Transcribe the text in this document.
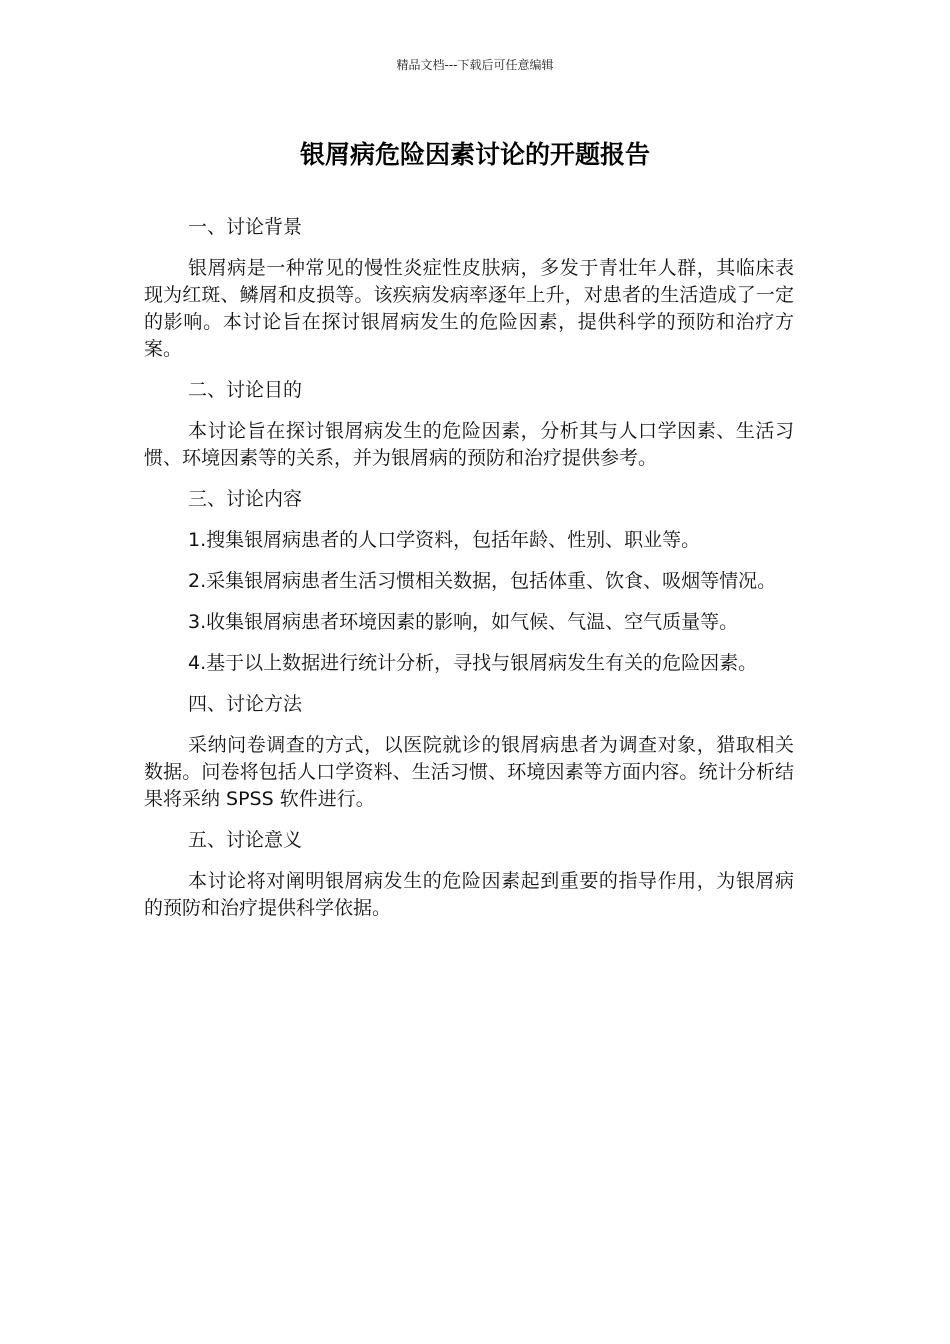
精品文档---下载后可任意编辑
银屑病危险因素讨论的开题报告

一、讨论背景

银屑病是一种常见的慢性炎症性皮肤病，多发于青壮年人群，其临床表现为红斑、鳞屑和皮损等。该疾病发病率逐年上升，对患者的生活造成了一定的影响。本讨论旨在探讨银屑病发生的危险因素，提供科学的预防和治疗方案。

二、讨论目的

本讨论旨在探讨银屑病发生的危险因素，分析其与人口学因素、生活习惯、环境因素等的关系，并为银屑病的预防和治疗提供参考。

三、讨论内容

1.搜集银屑病患者的人口学资料，包括年龄、性别、职业等。

2.采集银屑病患者生活习惯相关数据，包括体重、饮食、吸烟等情况。

3.收集银屑病患者环境因素的影响，如气候、气温、空气质量等。

4.基于以上数据进行统计分析，寻找与银屑病发生有关的危险因素。

四、讨论方法

采纳问卷调查的方式，以医院就诊的银屑病患者为调查对象，猎取相关数据。问卷将包括人口学资料、生活习惯、环境因素等方面内容。统计分析结果将采纳 SPSS 软件进行。

五、讨论意义

本讨论将对阐明银屑病发生的危险因素起到重要的指导作用，为银屑病的预防和治疗提供科学依据。
